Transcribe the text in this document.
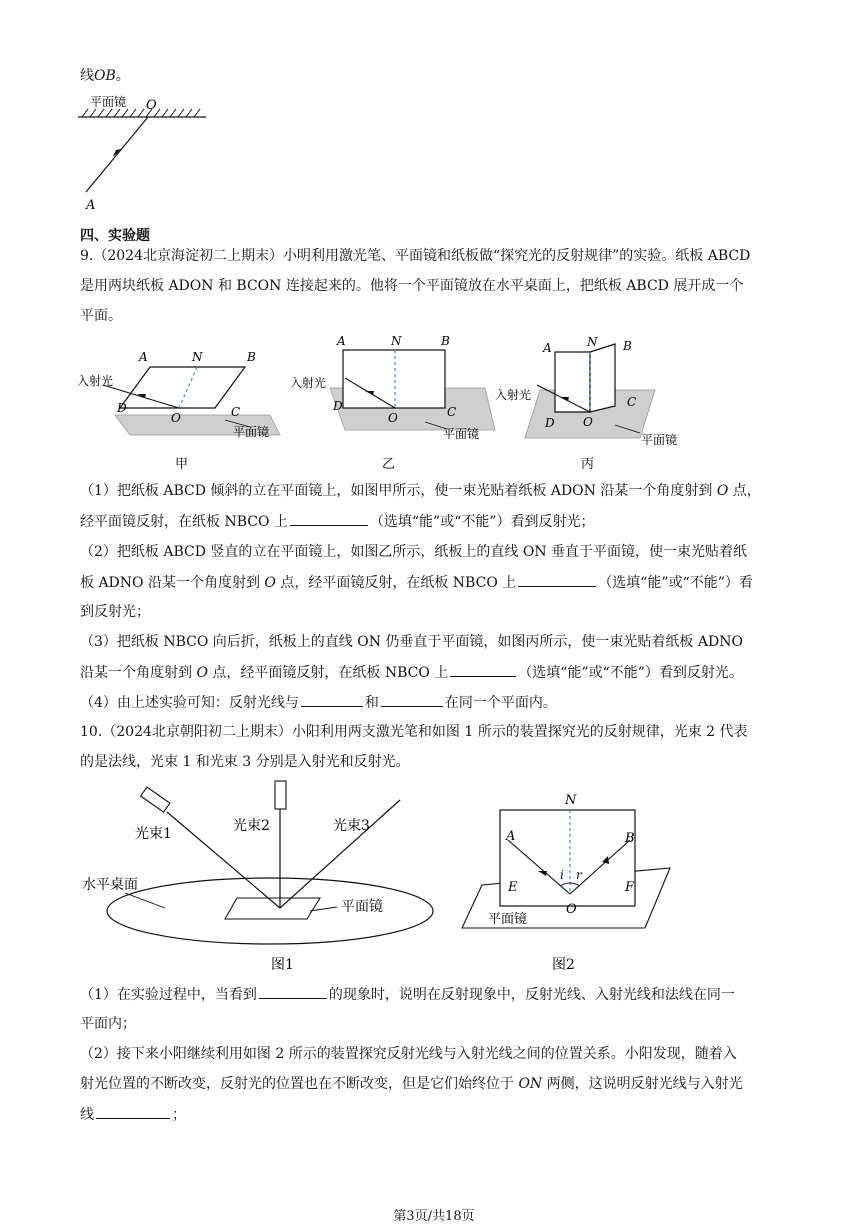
线OB。
平面镜 O
A
四、实验题
9.（2024北京海淀初二上期末）小明利用激光笔、平面镜和纸板做“探究光的反射规律”的实验。纸板 ABCD
是用两块纸板 ADON 和 BCON 连接起来的。他将一个平面镜放在水平桌面上，把纸板 ABCD 展开成一个
平面。
A	N	B
D
O	C
入射光
平面镜
甲
A	N	B
D
O	C
入射光
平面镜
乙
A	N B
D O
C
入射光
平面镜
丙
（1）把纸板 ABCD 倾斜的立在平面镜上，如图甲所示，使一束光贴着纸板 ADON 沿某一个角度射到 O 点，
经平面镜反射，在纸板 NBCO 上	（选填“能”或“不能”）看到反射光；
（2）把纸板 ABCD 竖直的立在平面镜上，如图乙所示，纸板上的直线 ON 垂直于平面镜，使一束光贴着纸
板 ADNO 沿某一个角度射到 O 点，经平面镜反射，在纸板 NBCO 上	（选填“能”或“不能”）看
到反射光；
（3）把纸板 NBCO 向后折，纸板上的直线 ON 仍垂直于平面镜，如图丙所示，使一束光贴着纸板 ADNO
沿某一个角度射到 O 点，经平面镜反射，在纸板 NBCO 上	（选填“能”或“不能”）看到反射光。
（4）由上述实验可知：反射光线与	和	在同一个平面内。
10.（2024北京朝阳初二上期末）小阳利用两支激光笔和如图 1 所示的装置探究光的反射规律，光束 2 代表
的是法线，光束 1 和光束 3 分别是入射光和反射光。
光束1	光束2	光束3
水平桌面
平面镜
图1
N
A	B
E	F
O
i r
平面镜
图2
（1）在实验过程中，当看到	的现象时，说明在反射现象中，反射光线、入射光线和法线在同一
平面内；
（2）接下来小阳继续利用如图 2 所示的装置探究反射光线与入射光线之间的位置关系。小阳发现，随着入
射光位置的不断改变，反射光的位置也在不断改变，但是它们始终位于 ON 两侧，这说明反射光线与入射光
线	；
第3页/共18页
